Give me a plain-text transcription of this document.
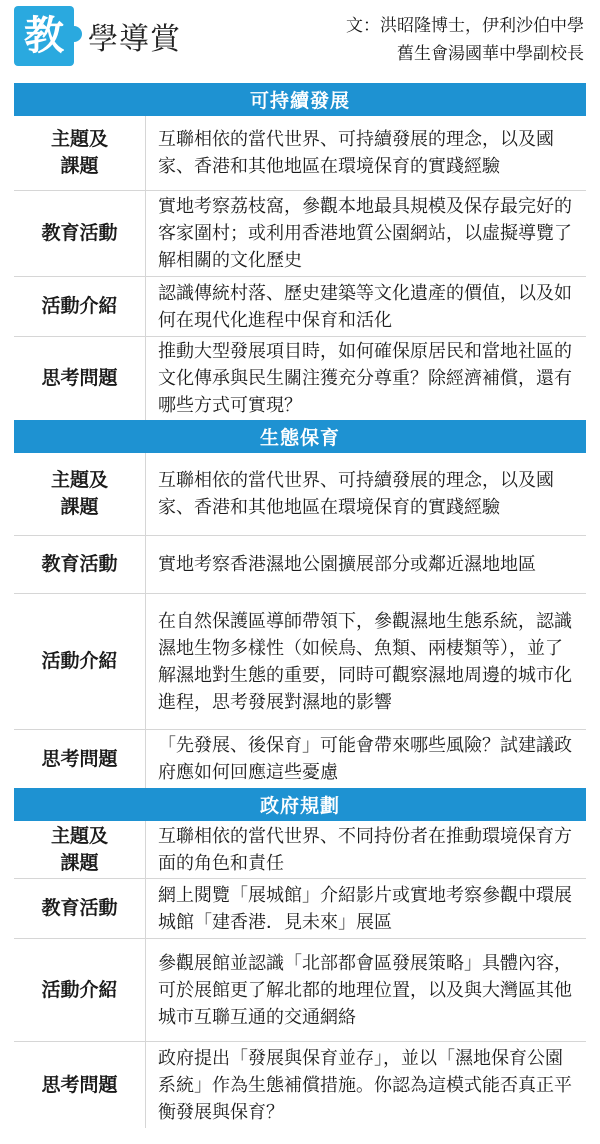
教 學導賞	文：洪昭隆博士，伊利沙伯中學
舊生會湯國華中學副校長
可持續發展
主題及
課題
互聯相依的當代世界、可持續發展的理念，以及國家、香港和其他地區在環境保育的實踐經驗
教育活動
實地考察荔枝窩，參觀本地最具規模及保存最完好的客家圍村；或利用香港地質公園網站，以虛擬導覽了解相關的文化歷史
活動介紹
認識傳統村落、歷史建築等文化遺產的價值，以及如何在現代化進程中保育和活化
思考問題
推動大型發展項目時，如何確保原居民和當地社區的文化傳承與民生關注獲充分尊重？除經濟補償，還有哪些方式可實現？
生態保育
主題及
課題
互聯相依的當代世界、可持續發展的理念，以及國家、香港和其他地區在環境保育的實踐經驗
教育活動 實地考察香港濕地公園擴展部分或鄰近濕地地區
活動介紹
在自然保護區導師帶領下，參觀濕地生態系統，認識濕地生物多樣性（如候鳥、魚類、兩棲類等），並了解濕地對生態的重要，同時可觀察濕地周邊的城市化進程，思考發展對濕地的影響
思考問題
「先發展、後保育」可能會帶來哪些風險？試建議政府應如何回應這些憂慮
政府規劃
主題及
課題
互聯相依的當代世界、不同持份者在推動環境保育方面的角色和責任
教育活動
網上閱覽「展城館」介紹影片或實地考察參觀中環展城館「建香港．見未來」展區
活動介紹
參觀展館並認識「北部都會區發展策略」具體內容，可於展館更了解北都的地理位置，以及與大灣區其他城市互聯互通的交通網絡
思考問題
政府提出「發展與保育並存」，並以「濕地保育公園系統」作為生態補償措施。你認為這模式能否真正平衡發展與保育？
